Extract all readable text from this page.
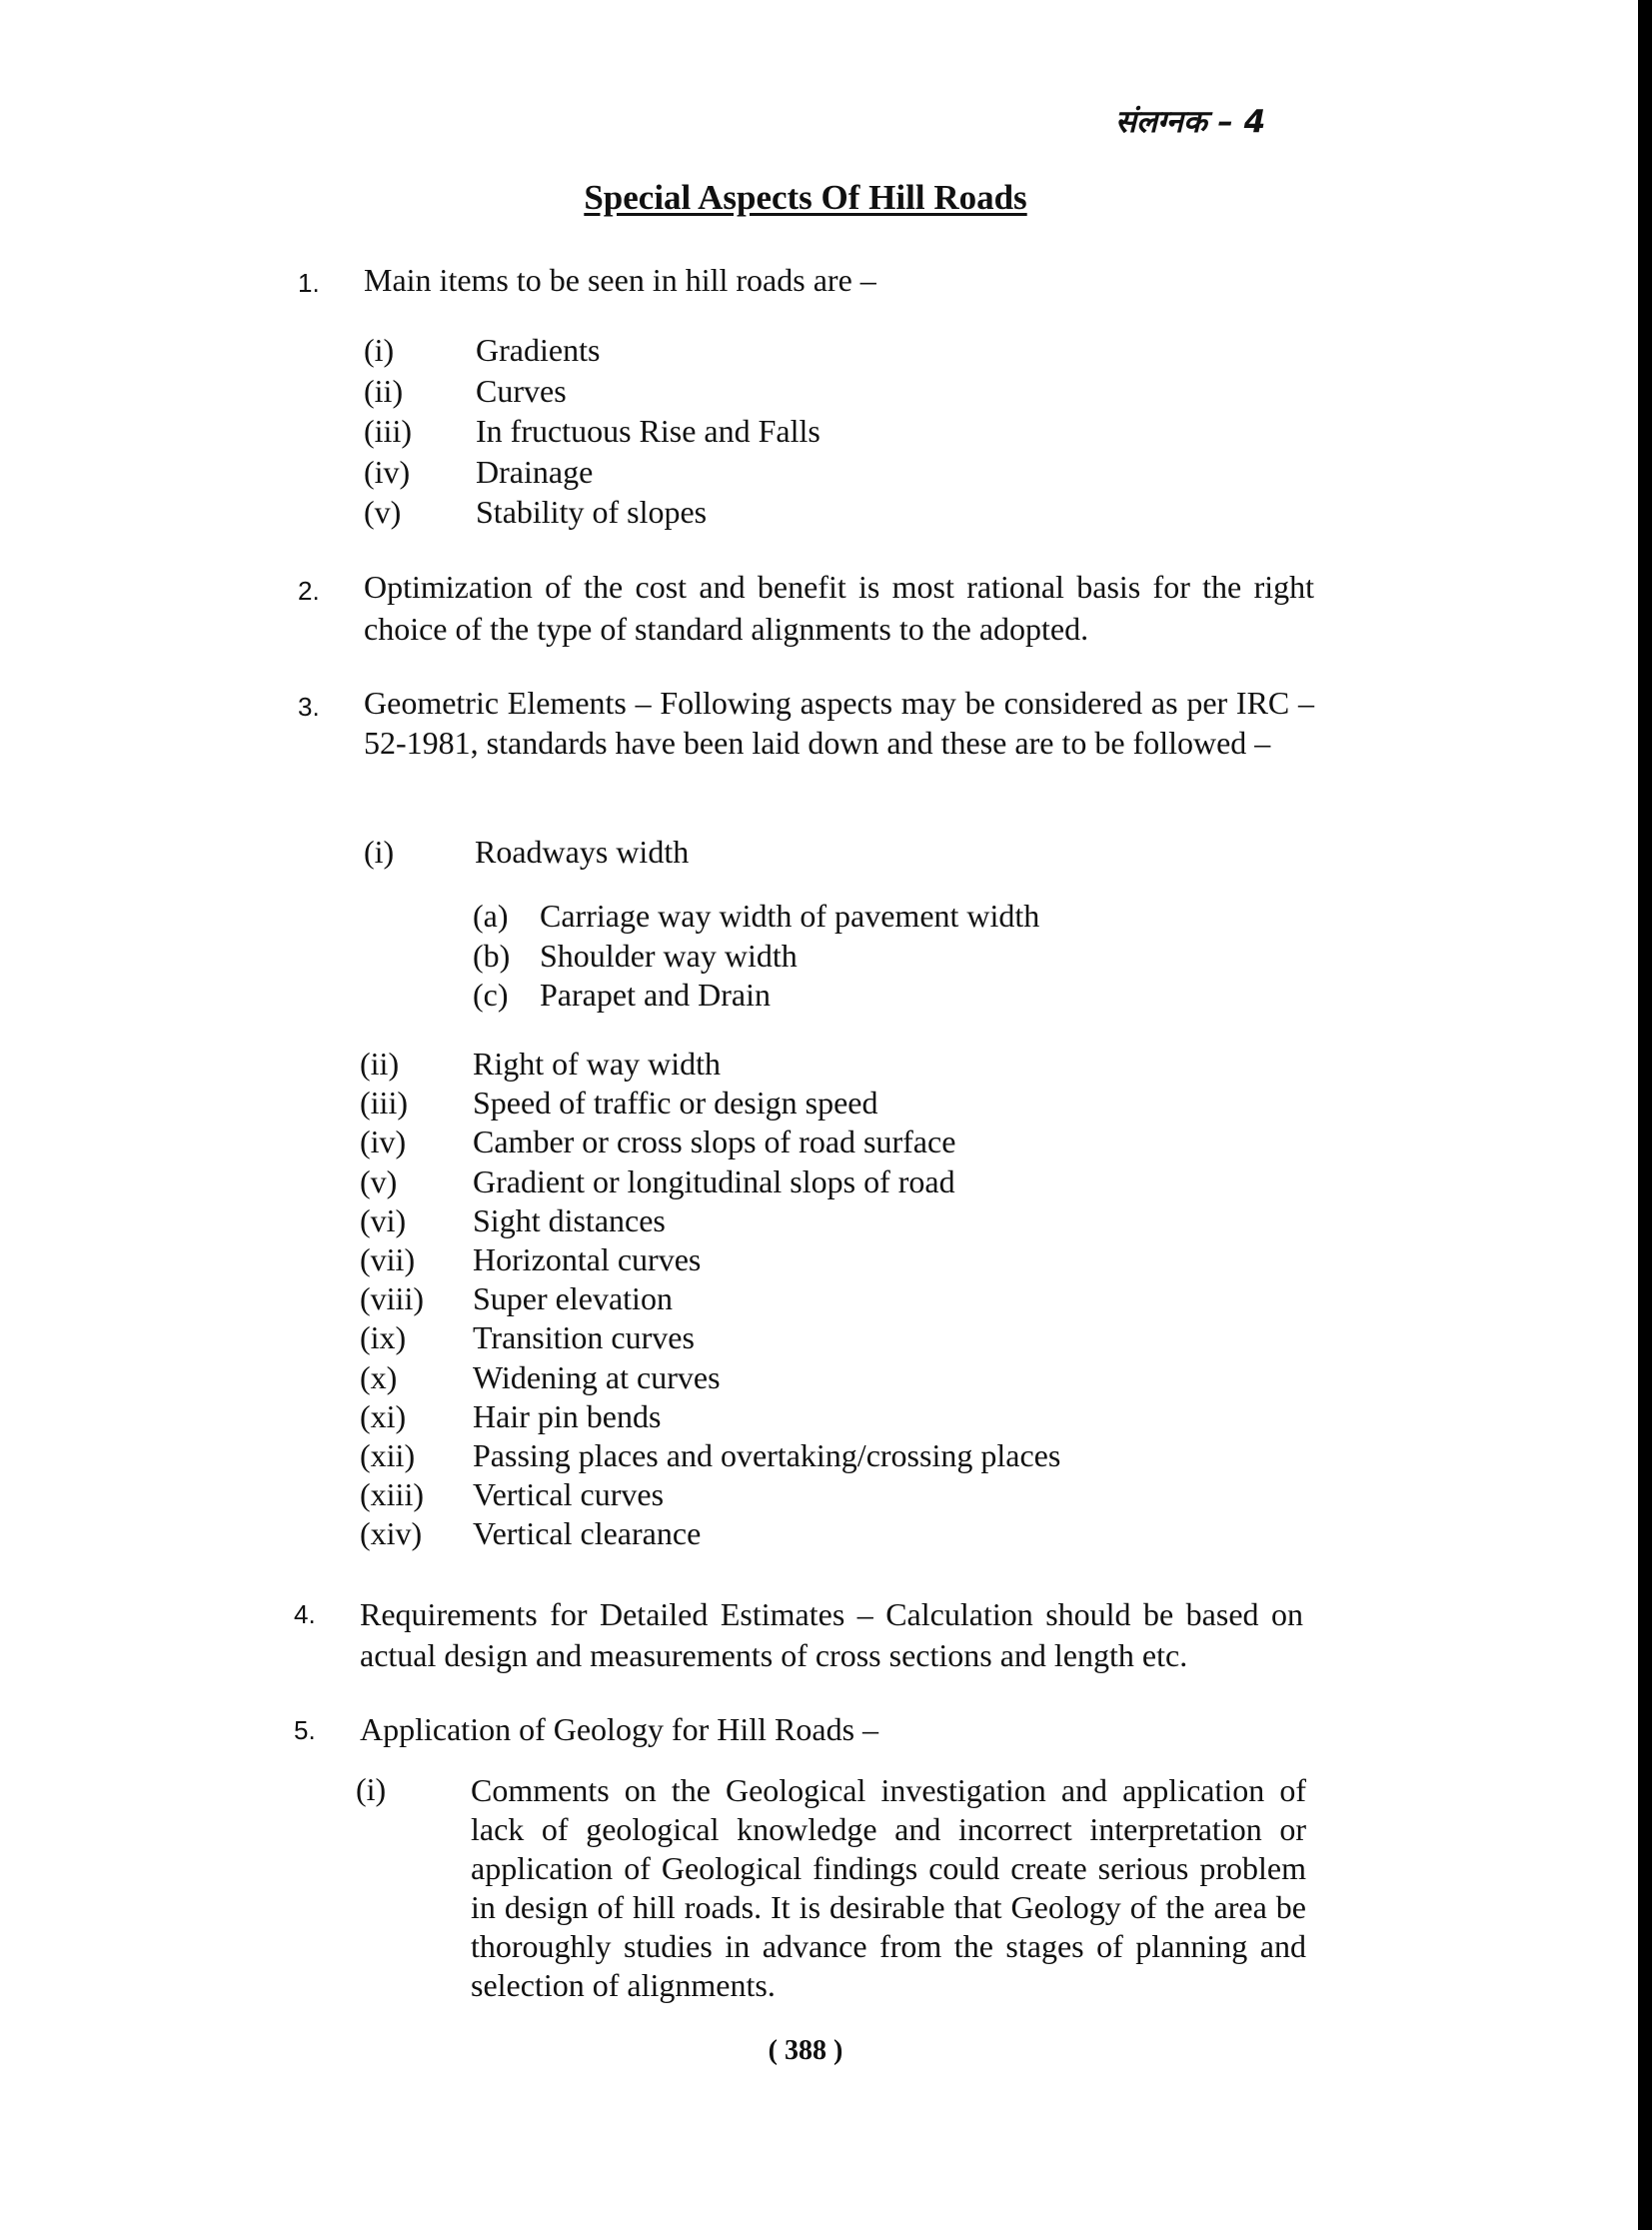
संलग्नक – 4
Special Aspects Of Hill Roads
1. Main items to be seen in hill roads are –
(i)	Gradients
(ii)	Curves
(iii)	In fructuous Rise and Falls
(iv)	Drainage
(v)	Stability of slopes
2. Optimization of the cost and benefit is most rational basis for the right choice of the type of standard alignments to the adopted.
3. Geometric Elements – Following aspects may be considered as per IRC – 52-1981, standards have been laid down and these are to be followed –
(i)	Roadways width
(a) Carriage way width of pavement width
(b) Shoulder way width
(c) Parapet and Drain
(ii)	Right of way width
(iii)	Speed of traffic or design speed
(iv)	Camber or cross slops of road surface
(v)	Gradient or longitudinal slops of road
(vi)	Sight distances
(vii)	Horizontal curves
(viii)	Super elevation
(ix)	Transition curves
(x)	Widening at curves
(xi)	Hair pin bends
(xii)	Passing places and overtaking/crossing places
(xiii)	Vertical curves
(xiv)	Vertical clearance
4. Requirements for Detailed Estimates – Calculation should be based on actual design and measurements of cross sections and length etc.
5. Application of Geology for Hill Roads –
(i)	Comments on the Geological investigation and application of lack of geological knowledge and incorrect interpretation or application of Geological findings could create serious problem in design of hill roads. It is desirable that Geology of the area be thoroughly studies in advance from the stages of planning and selection of alignments.
( 388 )
